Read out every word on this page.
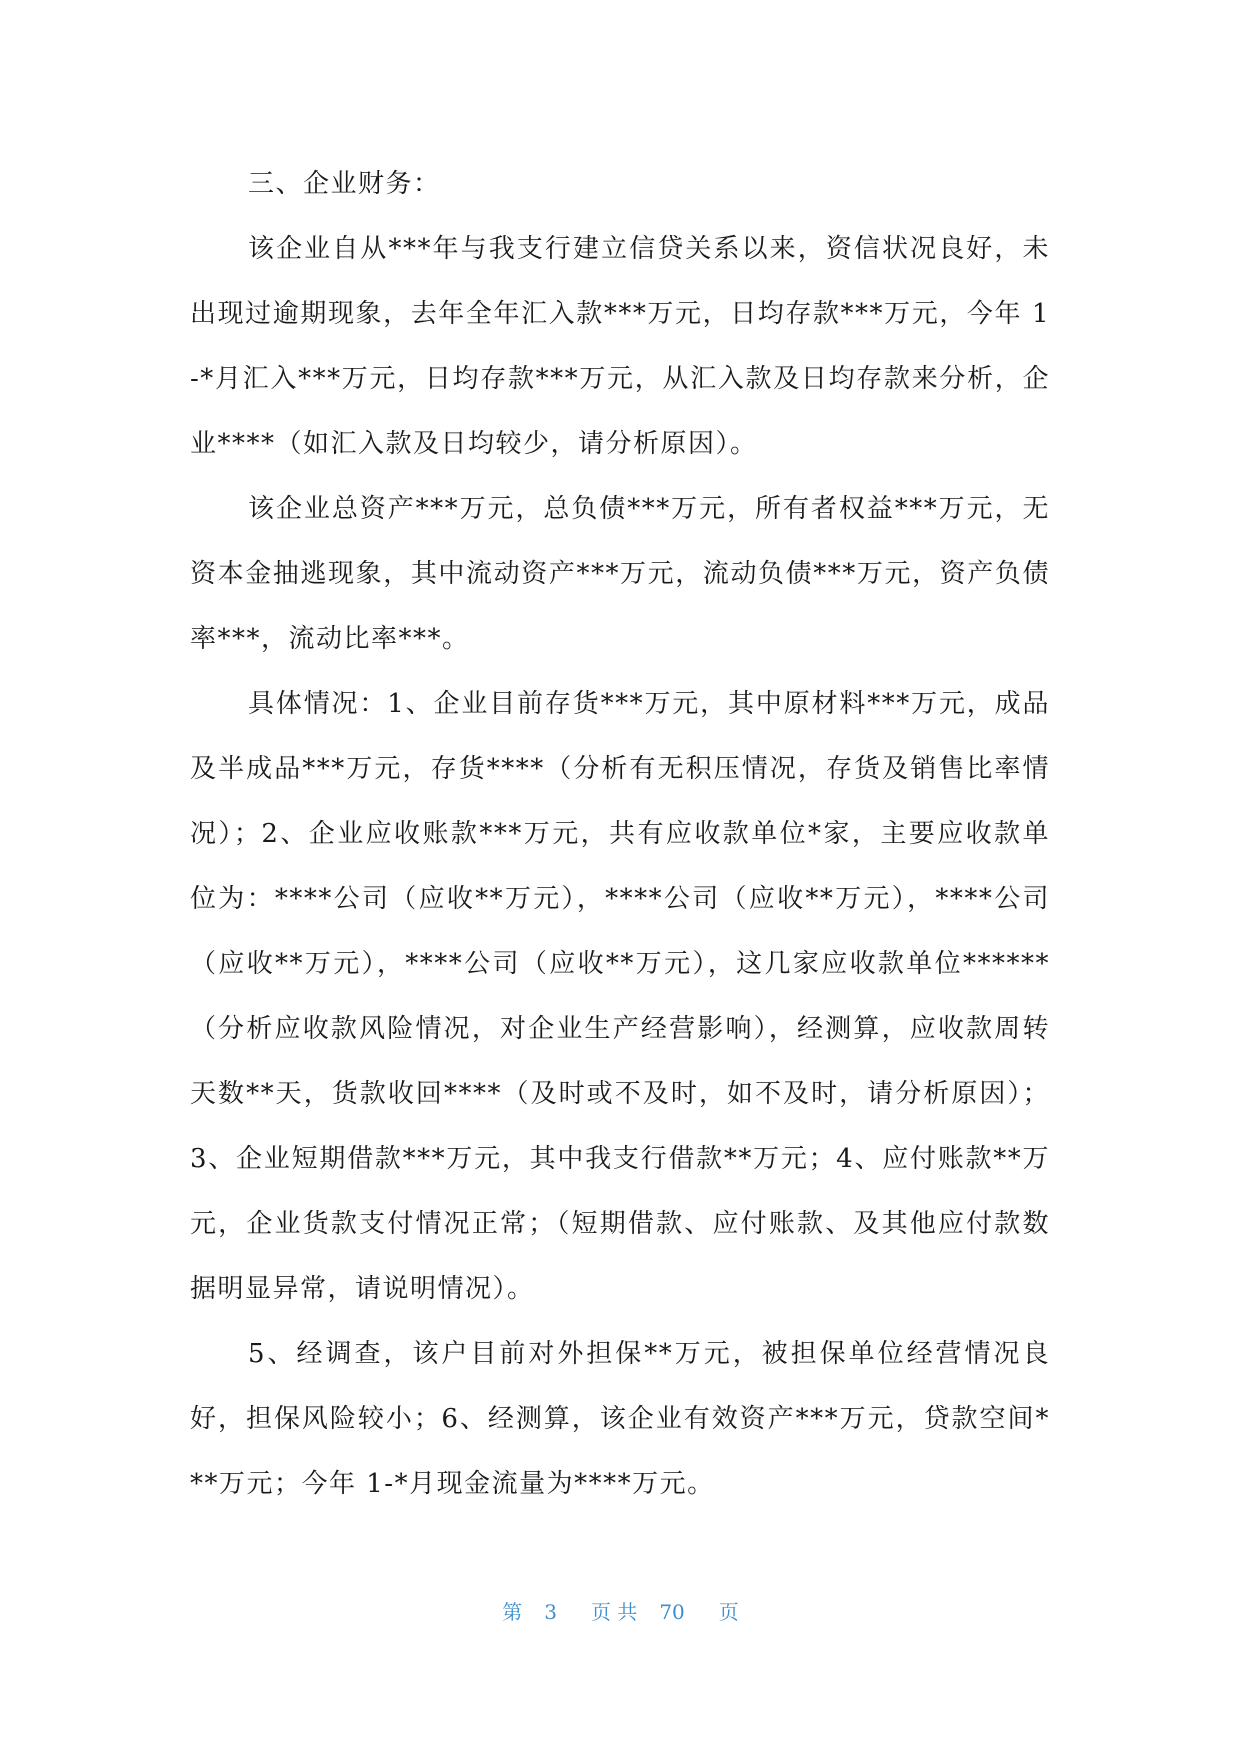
三、企业财务：

该企业自从***年与我支行建立信贷关系以来，资信状况良好，未出现过逾期现象，去年全年汇入款***万元，日均存款***万元，今年 1-*月汇入***万元，日均存款***万元，从汇入款及日均存款来分析，企业****（如汇入款及日均较少，请分析原因）。

该企业总资产***万元，总负债***万元，所有者权益***万元，无资本金抽逃现象，其中流动资产***万元，流动负债***万元，资产负债率***，流动比率***。

具体情况：1、企业目前存货***万元，其中原材料***万元，成品及半成品***万元，存货****（分析有无积压情况，存货及销售比率情况）；2、企业应收账款***万元，共有应收款单位*家，主要应收款单位为：****公司（应收**万元），****公司（应收**万元），****公司（应收**万元），****公司（应收**万元），这几家应收款单位******（分析应收款风险情况，对企业生产经营影响），经测算，应收款周转天数**天，货款收回****（及时或不及时，如不及时，请分析原因）；3、企业短期借款***万元，其中我支行借款**万元；4、应付账款**万元，企业货款支付情况正常；（短期借款、应付账款、及其他应付款数据明显异常，请说明情况）。

5、经调查，该户目前对外担保**万元，被担保单位经营情况良好，担保风险较小；6、经测算，该企业有效资产***万元，贷款空间***万元；今年 1-*月现金流量为****万元。

第 3 页 共 70 页
